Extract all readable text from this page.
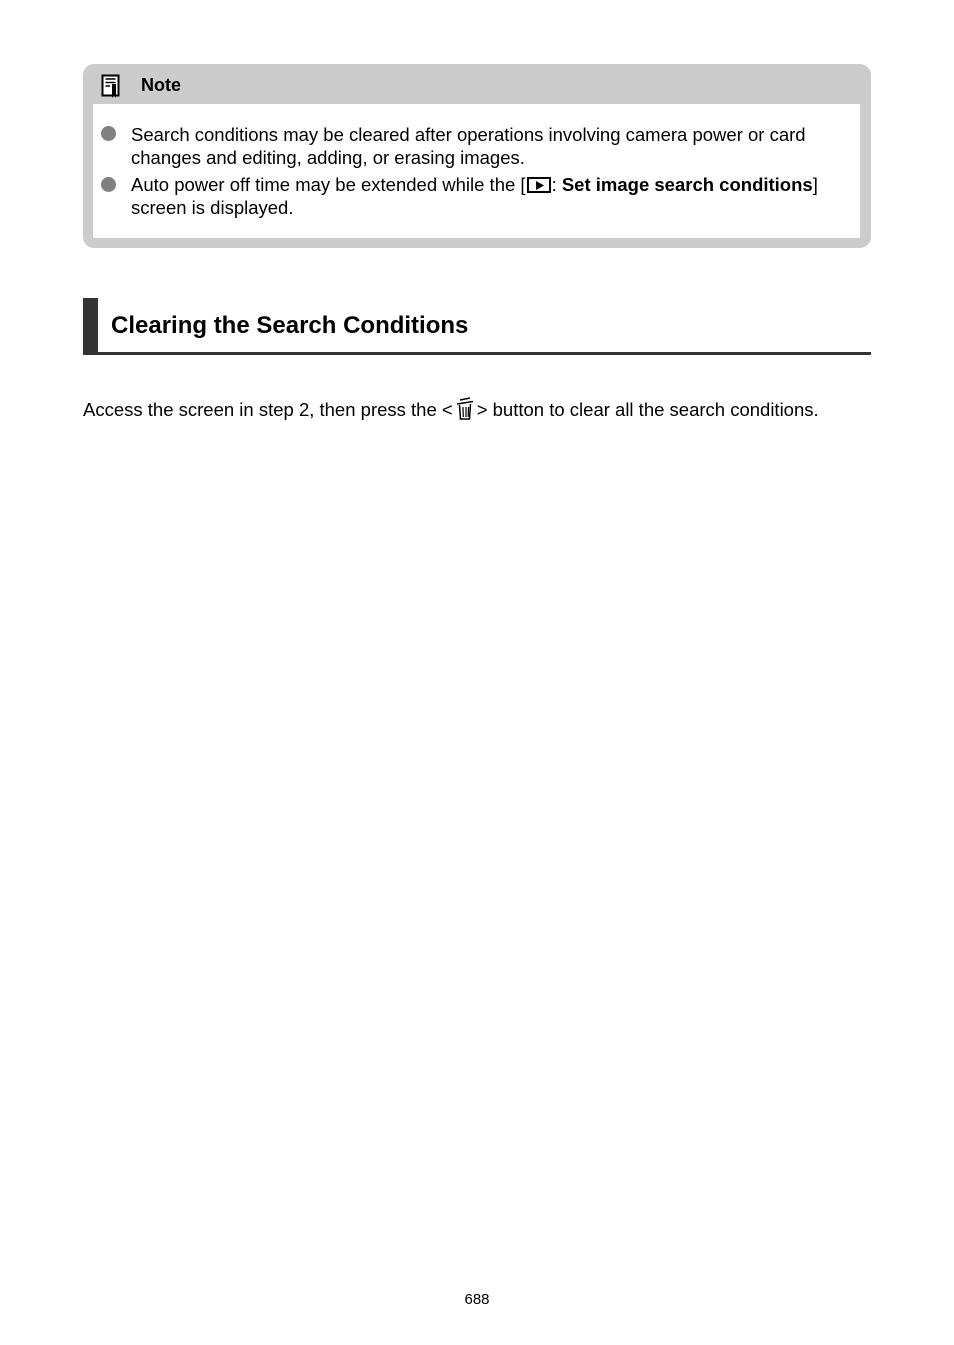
Note
Search conditions may be cleared after operations involving camera power or card changes and editing, adding, or erasing images.
Auto power off time may be extended while the [ : Set image search conditions] screen is displayed.
Clearing the Search Conditions
Access the screen in step 2, then press the < > button to clear all the search conditions.
688
